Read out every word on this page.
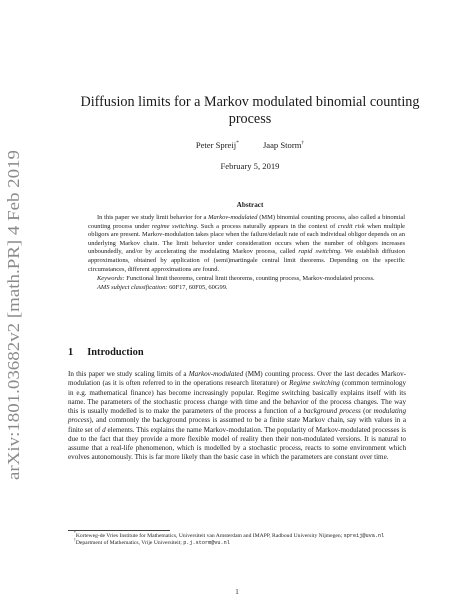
arXiv:1801.03682v2 [math.PR] 4 Feb 2019
Diffusion limits for a Markov modulated binomial counting process
Peter Spreij*	Jaap Storm†
February 5, 2019
Abstract

In this paper we study limit behavior for a Markov-modulated (MM) binomial counting process, also called a binomial counting process under regime switching. Such a process naturally appears in the context of credit risk when multiple obligors are present. Markov-modulation takes place when the failure/default rate of each individual obligor depends on an underlying Markov chain. The limit behavior under consideration occurs when the number of obligors increases unboundedly, and/or by accelerating the modulating Markov process, called rapid switching. We establish diffusion approximations, obtained by application of (semi)martingale central limit theorems. Depending on the specific circumstances, different approximations are found.

Keywords: Functional limit theorems, central limit theorems, counting process, Markov-modulated process.

AMS subject classification: 60F17, 60F05, 60G99.

1 Introduction

In this paper we study scaling limits of a Markov-modulated (MM) counting process. Over the last decades Markov-modulation (as it is often referred to in the operations research literature) or Regime switching (common terminology in e.g. mathematical finance) has become increasingly popular. Regime switching basically explains itself with its name. The parameters of the stochastic process change with time and the behavior of the process changes. The way this is usually modelled is to make the parameters of the process a function of a background process (or modulating process), and commonly the background process is assumed to be a finite state Markov chain, say with values in a finite set of d elements. This explains the name Markov-modulation. The popularity of Markov-modulated processes is due to the fact that they provide a more flexible model of reality then their non-modulated versions. It is natural to assume that a real-life phenomenon, which is modelled by a stochastic process, reacts to some environment which evolves autonomously. This is far more likely than the basic case in which the parameters are constant over time.

*Korteweg-de Vries Institute for Mathematics, Universiteit van Amsterdam and IMAPP, Radboud University Nijmegen; spreij@uva.nl

†Department of Mathematics, Vrije Universiteit; p.j.storm@vu.nl

1
